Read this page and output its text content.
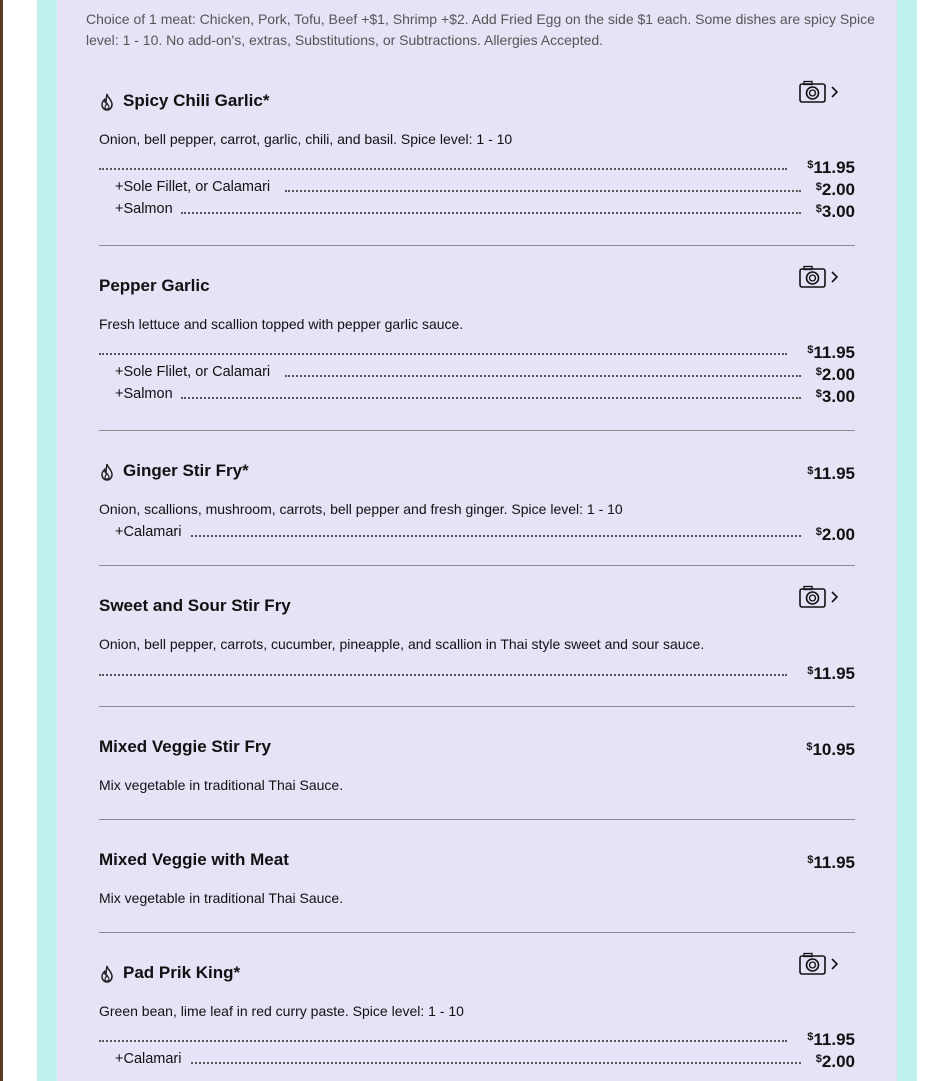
Choice of 1 meat: Chicken, Pork, Tofu, Beef +$1, Shrimp +$2. Add Fried Egg on the side $1 each. Some dishes are spicy Spice level: 1 - 10. No add-on's, extras, Substitutions, or Subtractions. Allergies Accepted.
Spicy Chili Garlic*
Onion, bell pepper, carrot, garlic, chili, and basil. Spice level: 1 - 10
$11.95
+Sole Fillet, or Calamari	$2.00
+Salmon	$3.00
Pepper Garlic
Fresh lettuce and scallion topped with pepper garlic sauce.
$11.95
+Sole Flilet, or Calamari	$2.00
+Salmon	$3.00
Ginger Stir Fry*	$11.95
Onion, scallions, mushroom, carrots, bell pepper and fresh ginger. Spice level: 1 - 10
+Calamari	$2.00
Sweet and Sour Stir Fry
Onion, bell pepper, carrots, cucumber, pineapple, and scallion in Thai style sweet and sour sauce.
$11.95
Mixed Veggie Stir Fry	$10.95
Mix vegetable in traditional Thai Sauce.
Mixed Veggie with Meat	$11.95
Mix vegetable in traditional Thai Sauce.
Pad Prik King*
Green bean, lime leaf in red curry paste. Spice level: 1 - 10
$11.95
+Calamari	$2.00
